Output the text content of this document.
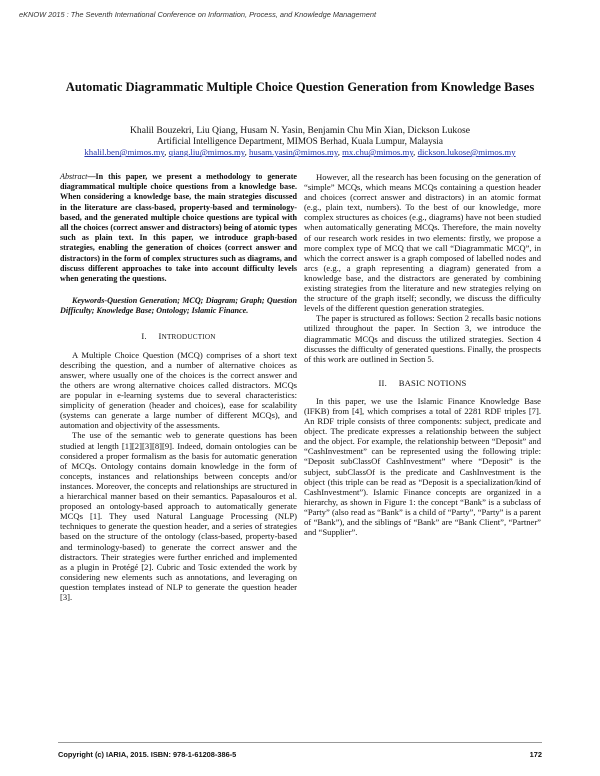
eKNOW 2015 : The Seventh International Conference on Information, Process, and Knowledge Management
Automatic Diagrammatic Multiple Choice Question Generation from Knowledge Bases
Khalil Bouzekri, Liu Qiang, Husam N. Yasin, Benjamin Chu Min Xian, Dickson Lukose
Artificial Intelligence Department, MIMOS Berhad, Kuala Lumpur, Malaysia
khalil.ben@mimos.my, qiang.liu@mimos.my, husam.yasin@mimos.my, mx.chu@mimos.my, dickson.lukose@mimos.my

Abstract—In this paper, we present a methodology to generate diagrammatical multiple choice questions from a knowledge base. When considering a knowledge base, the main strategies discussed in the literature are class-based, property-based and terminology-based, and the generated multiple choice questions are typical with all the choices (correct answer and distractors) being of atomic types such as plain text. In this paper, we introduce graph-based strategies, enabling the generation of choices (correct answer and distractors) in the form of complex structures such as diagrams, and discuss different approaches to take into account difficulty levels when generating the questions.

Keywords-Question Generation; MCQ; Diagram; Graph; Question Difficulty; Knowledge Base; Ontology; Islamic Finance.

I. INTRODUCTION

A Multiple Choice Question (MCQ) comprises of a short text describing the question, and a number of alternative choices as answer, where usually one of the choices is the correct answer and the others are wrong alternative choices called distractors. MCQs are popular in e-learning systems due to several characteristics: simplicity of generation (header and choices), ease for scalability (systems can generate a large number of different MCQs), and automation and objectivity of the assessments.

The use of the semantic web to generate questions has been studied at length [1][2][3][8][9]. Indeed, domain ontologies can be considered a proper formalism as the basis for automatic generation of MCQs. Ontology contains domain knowledge in the form of concepts, instances and relationships between concepts and/or instances. Moreover, the concepts and relationships are structured in a hierarchical manner based on their semantics. Papasalouros et al. proposed an ontology-based approach to automatically generate MCQs [1]. They used Natural Language Processing (NLP) techniques to generate the question header, and a series of strategies based on the structure of the ontology (class-based, property-based and terminology-based) to generate the correct answer and the distractors. Their strategies were further enriched and implemented as a plugin in Protégé [2]. Cubric and Tosic extended the work by considering new elements such as annotations, and leveraging on question templates instead of NLP to generate the question header [3].

However, all the research has been focusing on the generation of “simple” MCQs, which means MCQs containing a question header and choices (correct answer and distractors) in an atomic format (e.g., plain text, numbers). To the best of our knowledge, more complex structures as choices (e.g., diagrams) have not been studied when automatically generating MCQs. Therefore, the main novelty of our research work resides in two elements: firstly, we propose a more complex type of MCQ that we call “Diagrammatic MCQ”, in which the correct answer is a graph composed of labelled nodes and arcs (e.g., a graph representing a diagram) generated from a knowledge base, and the distractors are generated by combining existing strategies from the literature and new strategies relying on the structure of the graph itself; secondly, we discuss the difficulty levels of the different question generation strategies.

The paper is structured as follows: Section 2 recalls basic notions utilized throughout the paper. In Section 3, we introduce the diagrammatic MCQs and discuss the utilized strategies. Section 4 discusses the difficulty of generated questions. Finally, the prospects of this work are outlined in Section 5.

II. BASIC NOTIONS

In this paper, we use the Islamic Finance Knowledge Base (IFKB) from [4], which comprises a total of 2281 RDF triples [7]. An RDF triple consists of three components: subject, predicate and object. The predicate expresses a relationship between the subject and the object. For example, the relationship between “Deposit” and “CashInvestment” can be represented using the following triple: “Deposit subClassOf CashInvestment” where “Deposit” is the subject, subClassOf is the predicate and CashInvestment is the object (this triple can be read as “Deposit is a specialization/kind of CashInvestment”). Islamic Finance concepts are organized in a hierarchy, as shown in Figure 1: the concept “Bank” is a subclass of “Party” (also read as “Bank” is a child of “Party”, “Party” is a parent of “Bank”), and the siblings of “Bank” are “Bank Client”, “Partner” and “Supplier”.

Copyright (c) IARIA, 2015. ISBN: 978-1-61208-386-5	172
